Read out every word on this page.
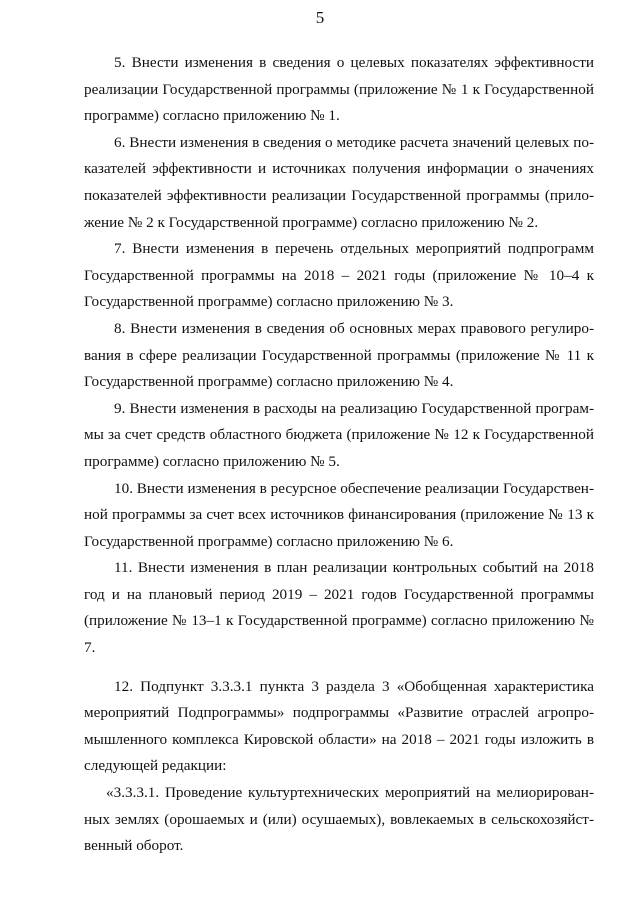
5

5. Внести изменения в сведения о целевых показателях эффективности реализации Государственной программы (приложение № 1 к Государственной программе) согласно приложению № 1.

6. Внести изменения в сведения о методике расчета значений целевых показателей эффективности и источниках получения информации о значениях показателей эффективности реализации Государственной программы (приложение № 2 к Государственной программе) согласно приложению № 2.

7. Внести изменения в перечень отдельных мероприятий подпрограмм Государственной программы на 2018 – 2021 годы (приложение № 10–4 к Государственной программе) согласно приложению № 3.

8. Внести изменения в сведения об основных мерах правового регулирования в сфере реализации Государственной программы (приложение № 11 к Государственной программе) согласно приложению № 4.

9. Внести изменения в расходы на реализацию Государственной программы за счет средств областного бюджета (приложение № 12 к Государственной программе) согласно приложению № 5.

10. Внести изменения в ресурсное обеспечение реализации Государственной программы за счет всех источников финансирования (приложение № 13 к Государственной программе) согласно приложению № 6.

11. Внести изменения в план реализации контрольных событий на 2018 год и на плановый период 2019 – 2021 годов Государственной программы (приложение № 13–1 к Государственной программе) согласно приложению № 7.

12. Подпункт 3.3.3.1 пункта 3 раздела 3 «Обобщенная характеристика мероприятий Подпрограммы» подпрограммы «Развитие отраслей агропромышленного комплекса Кировской области» на 2018 – 2021 годы изложить в следующей редакции:

«3.3.3.1. Проведение культуртехнических мероприятий на мелиорированных землях (орошаемых и (или) осушаемых), вовлекаемых в сельскохозяйственный оборот.
